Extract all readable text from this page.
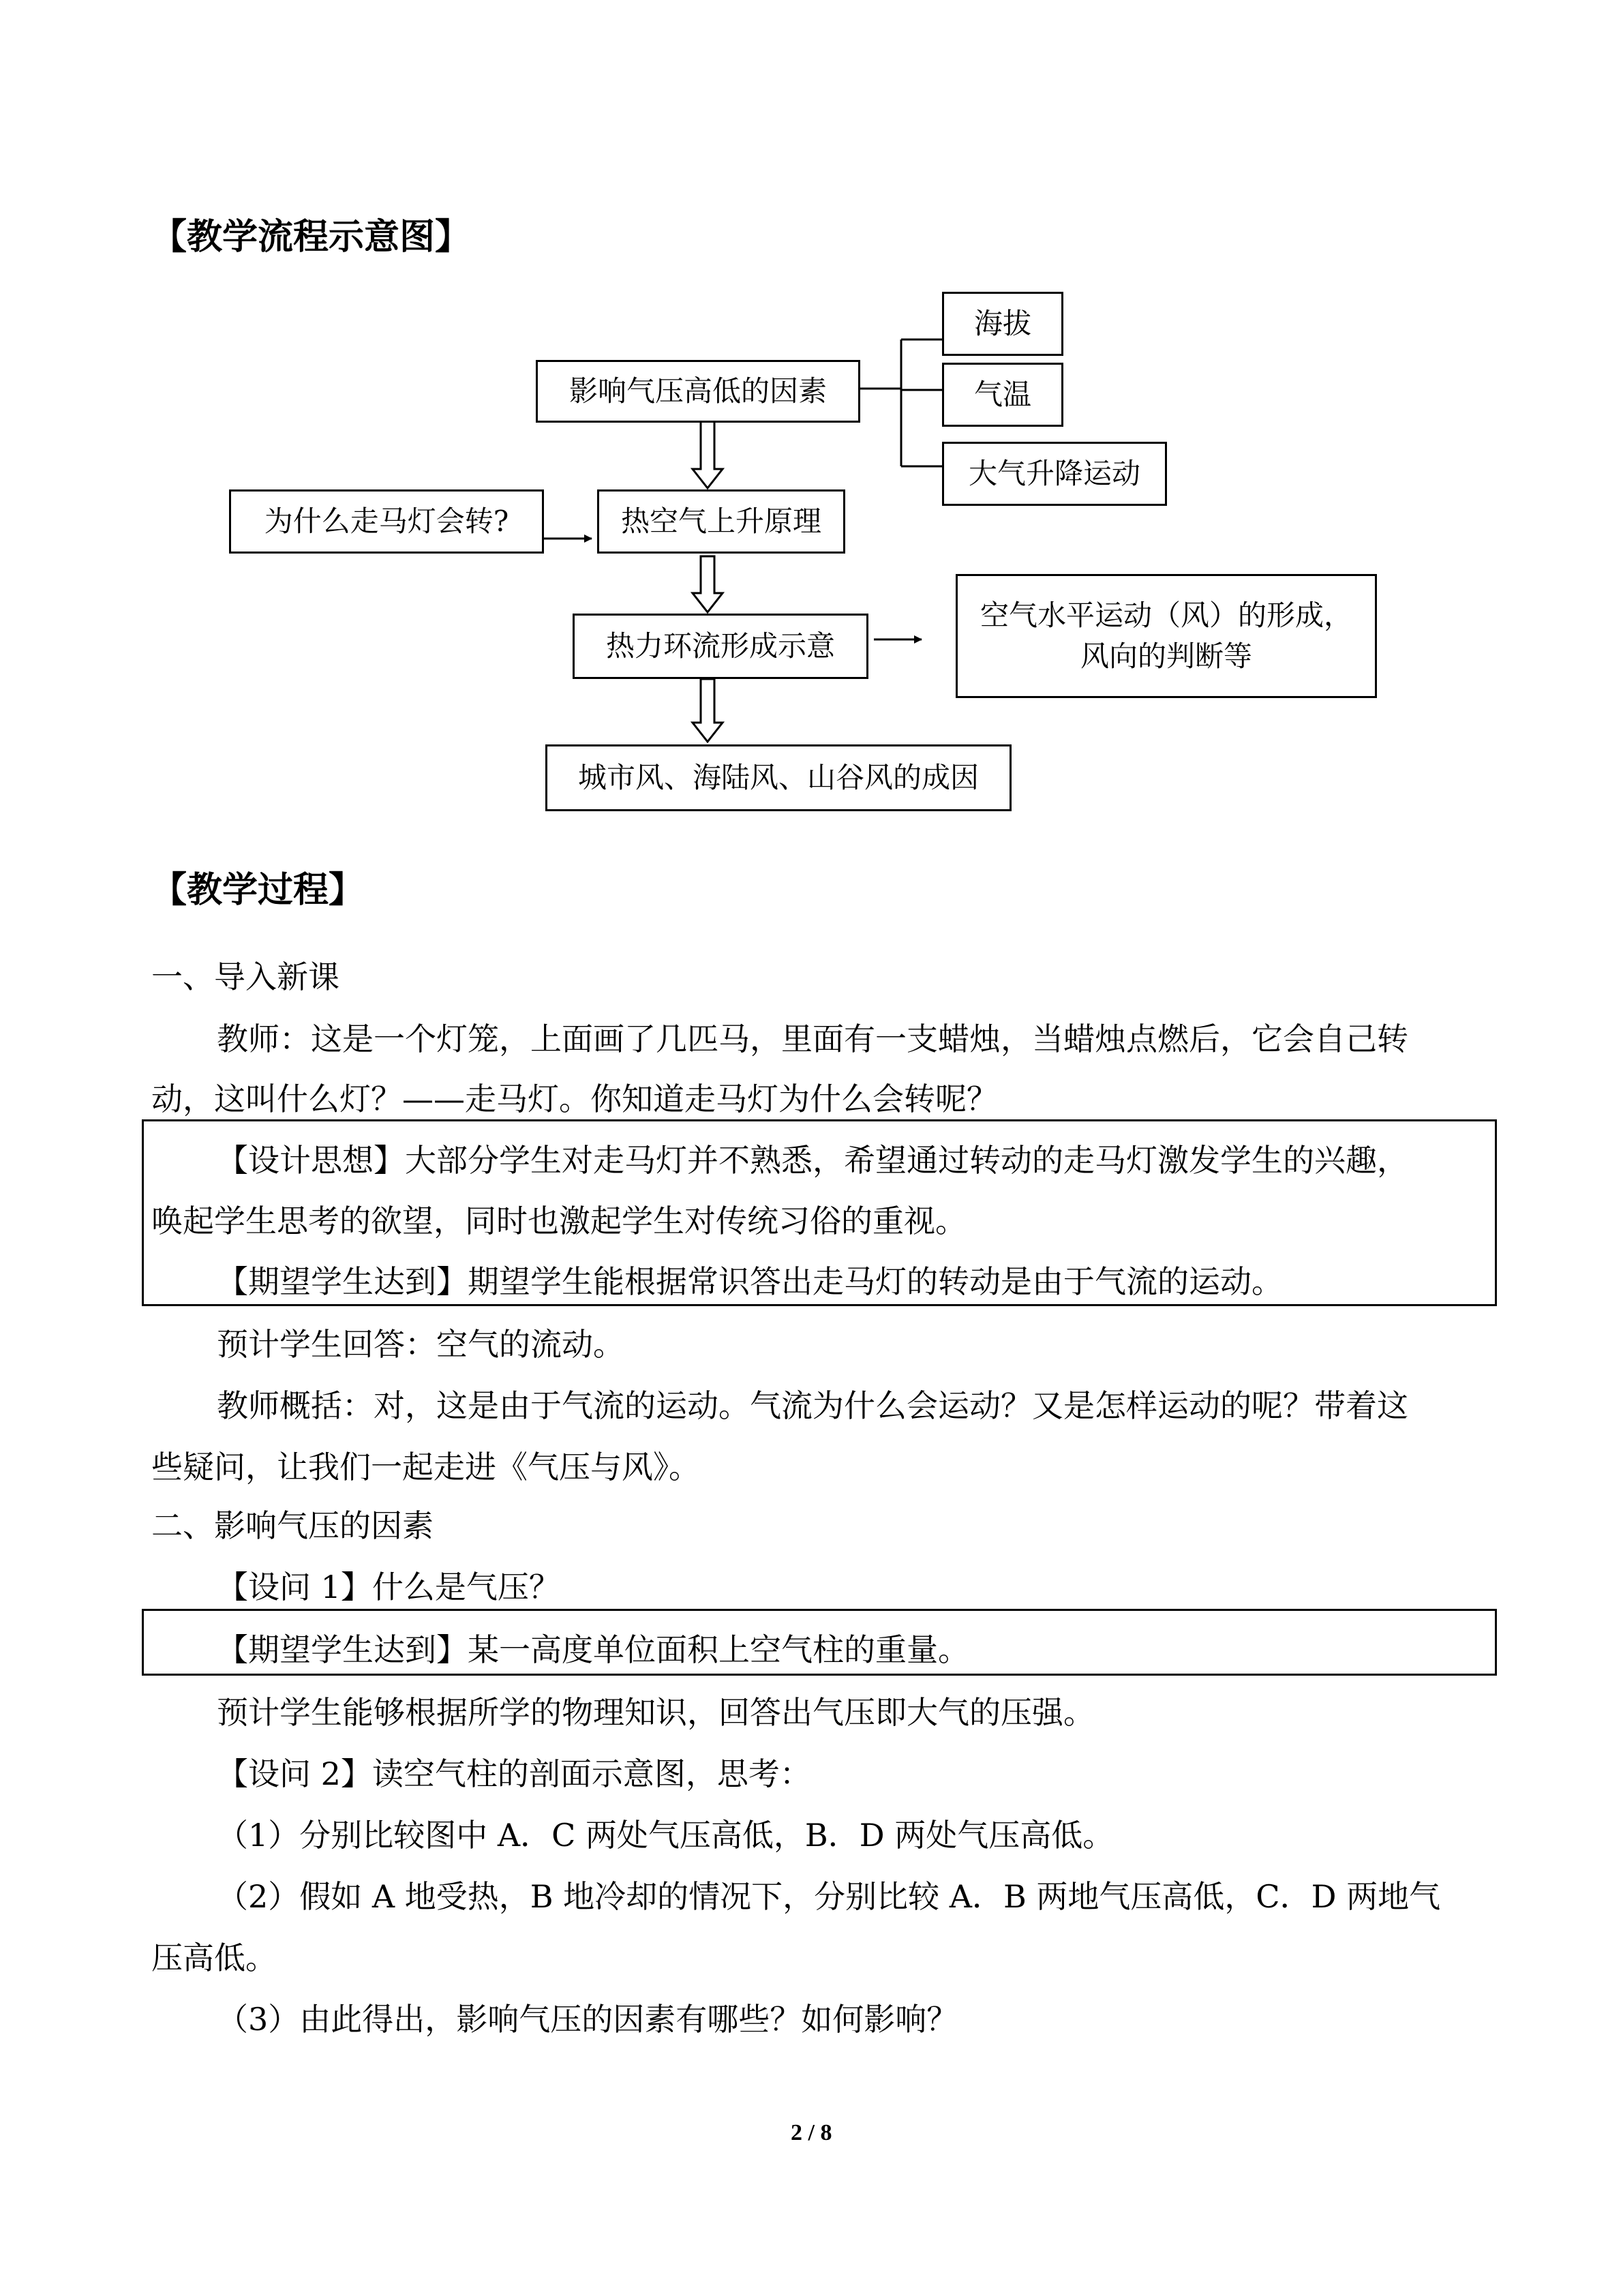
【教学流程示意图】
影响气压高低的因素
海拔
气温
大气升降运动
为什么走马灯会转?	热空气上升原理
热力环流形成示意
空气水平运动（风）的形成，
风向的判断等
城市风、海陆风、山谷风的成因
【教学过程】
一、导入新课
教师：这是一个灯笼，上面画了几匹马，里面有一支蜡烛，当蜡烛点燃后，它会自己转
动，这叫什么灯？——走马灯。你知道走马灯为什么会转呢？
【设计思想】大部分学生对走马灯并不熟悉，希望通过转动的走马灯激发学生的兴趣，
唤起学生思考的欲望，同时也激起学生对传统习俗的重视。
【期望学生达到】期望学生能根据常识答出走马灯的转动是由于气流的运动。
预计学生回答：空气的流动。
教师概括：对，这是由于气流的运动。气流为什么会运动？又是怎样运动的呢？带着这
些疑问，让我们一起走进《气压与风》。
二、影响气压的因素
【设问 1】什么是气压？
【期望学生达到】某一高度单位面积上空气柱的重量。
预计学生能够根据所学的物理知识，回答出气压即大气的压强。
【设问 2】读空气柱的剖面示意图，思考：
（1）分别比较图中 A．C 两处气压高低，B．D 两处气压高低。
（2）假如 A 地受热，B 地冷却的情况下，分别比较 A．B 两地气压高低，C．D 两地气
压高低。
（3）由此得出，影响气压的因素有哪些？如何影响？
2 / 8
